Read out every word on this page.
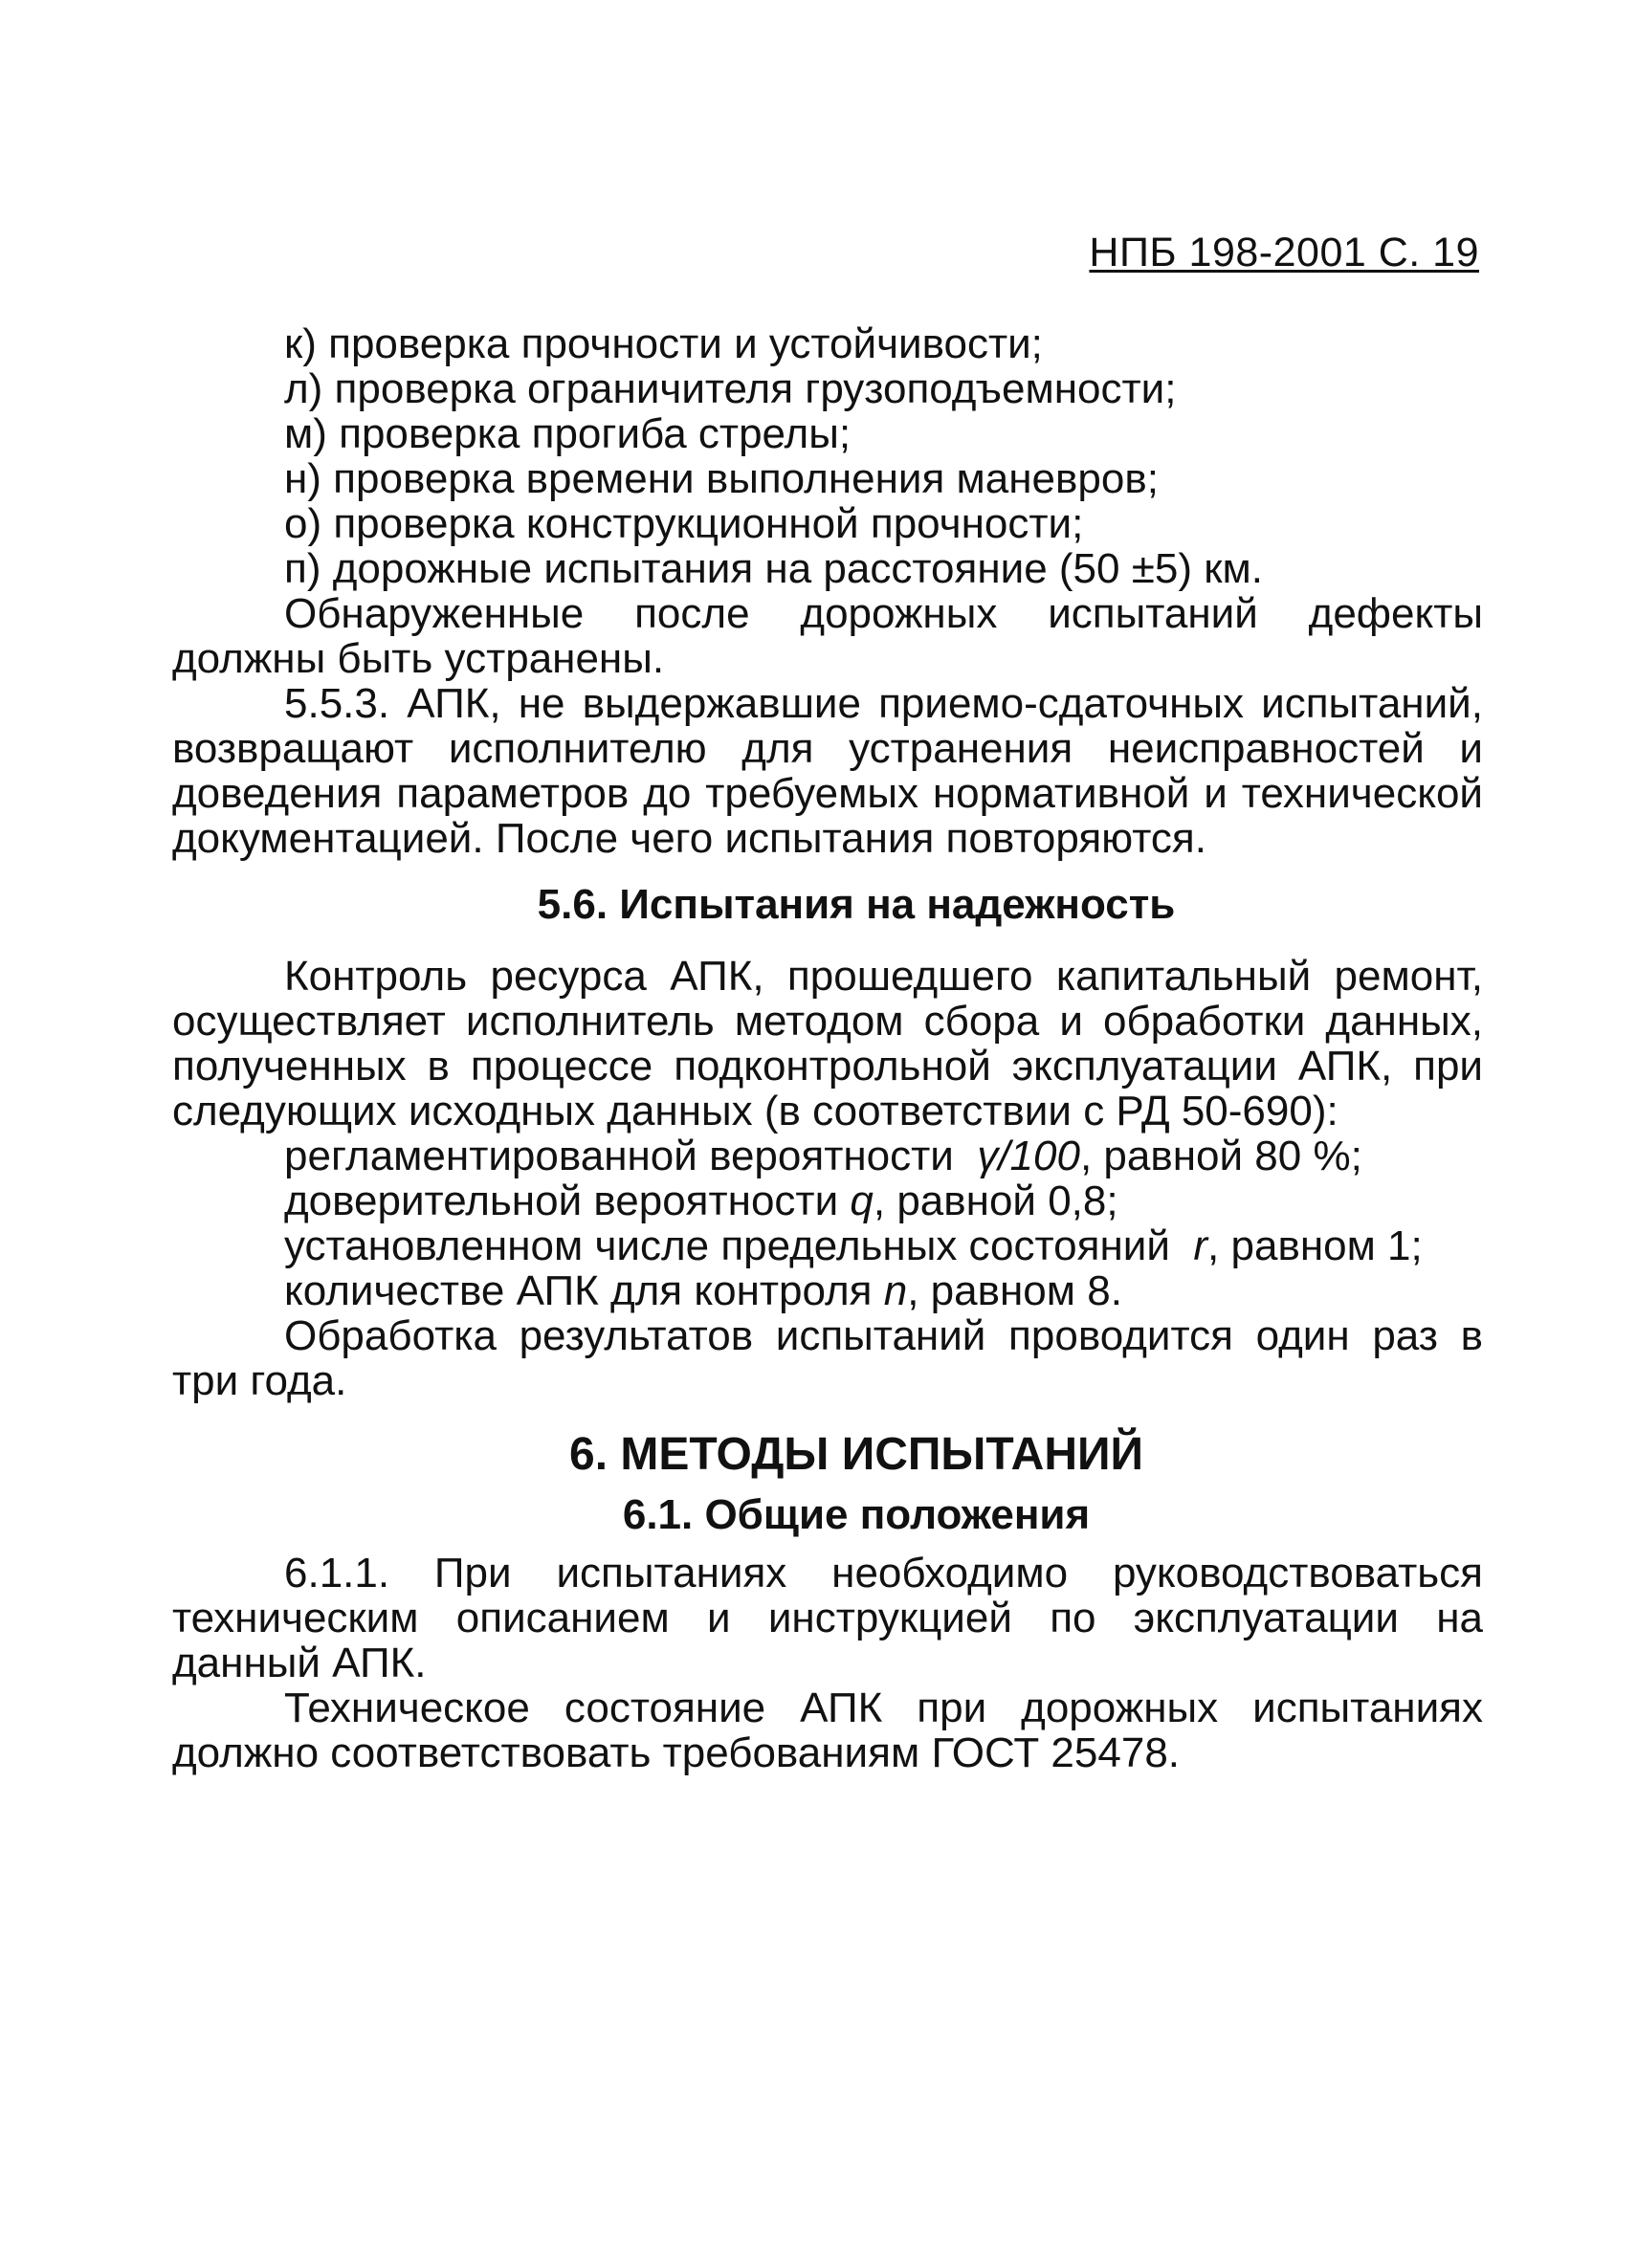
НПБ 198-2001 С. 19

к) проверка прочности и устойчивости;

л) проверка ограничителя грузоподъемности;

м) проверка прогиба стрелы;

н) проверка времени выполнения маневров;

о) проверка конструкционной прочности;

п) дорожные испытания на расстояние (50 ±5) км.

Обнаруженные после дорожных испытаний дефекты должны быть устранены.

5.5.3. АПК, не выдержавшие приемо-сдаточных испытаний, возвращают исполнителю для устранения неисправностей и доведения параметров до требуемых нормативной и технической документацией. После чего испытания повторяются.

5.6. Испытания на надежность

Контроль ресурса АПК, прошедшего капитальный ремонт, осуществляет исполнитель методом сбора и обработки данных, полученных в процессе подконтрольной эксплуатации АПК, при следующих исходных данных (в соответствии с РД 50-690):

регламентированной вероятности γ/100, равной 80 %;

доверительной вероятности q, равной 0,8;

установленном числе предельных состояний r, равном 1;

количестве АПК для контроля n, равном 8.

Обработка результатов испытаний проводится один раз в три года.

6. МЕТОДЫ ИСПЫТАНИЙ
6.1. Общие положения

6.1.1. При испытаниях необходимо руководствоваться техническим описанием и инструкцией по эксплуатации на данный АПК.

Техническое состояние АПК при дорожных испытаниях должно соответствовать требованиям ГОСТ 25478.
